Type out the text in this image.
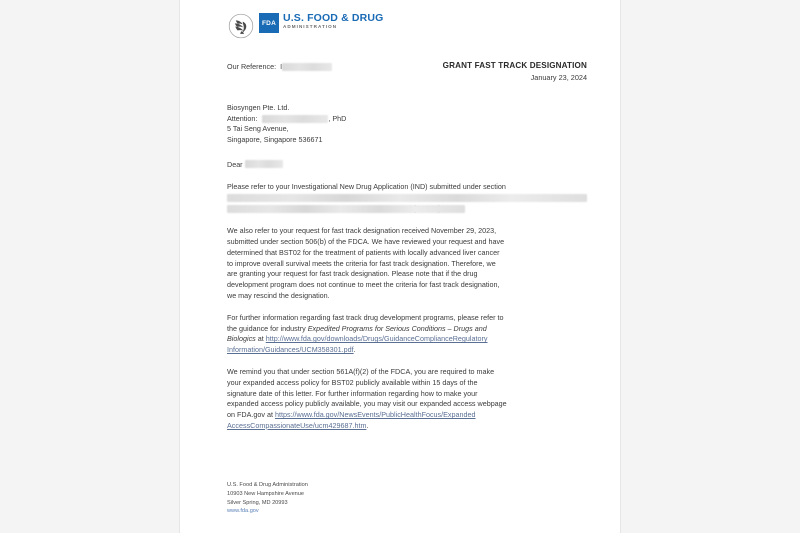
FDA U.S. FOOD & DRUG
ADMINISTRATION
Our Reference: I	GRANT FAST TRACK DESIGNATION
January 23, 2024
Biosyngen Pte. Ltd.
Attention:	, PhD
5 Tai Seng Avenue,
Singapore, Singapore 536671
Dear
Please refer to your Investigational New Drug Application (IND) submitted under section
We also refer to your request for fast track designation received November 29, 2023,
submitted under section 506(b) of the FDCA. We have reviewed your request and have
determined that BST02 for the treatment of patients with locally advanced liver cancer
to improve overall survival meets the criteria for fast track designation. Therefore, we
are granting your request for fast track designation. Please note that if the drug
development program does not continue to meet the criteria for fast track designation,
we may rescind the designation.
For further information regarding fast track drug development programs, please refer to
the guidance for industry Expedited Programs for Serious Conditions – Drugs and
Biologics at http://www.fda.gov/downloads/Drugs/GuidanceComplianceRegulatory
Information/Guidances/UCM358301.pdf.
We remind you that under section 561A(f)(2) of the FDCA, you are required to make
your expanded access policy for BST02 publicly available within 15 days of the
signature date of this letter. For further information regarding how to make your
expanded access policy publicly available, you may visit our expanded access webpage
on FDA.gov at https://www.fda.gov/NewsEvents/PublicHealthFocus/Expanded
AccessCompassionateUse/ucm429687.htm.
U.S. Food & Drug Administration
10903 New Hampshire Avenue
Silver Spring, MD 20993
www.fda.gov
